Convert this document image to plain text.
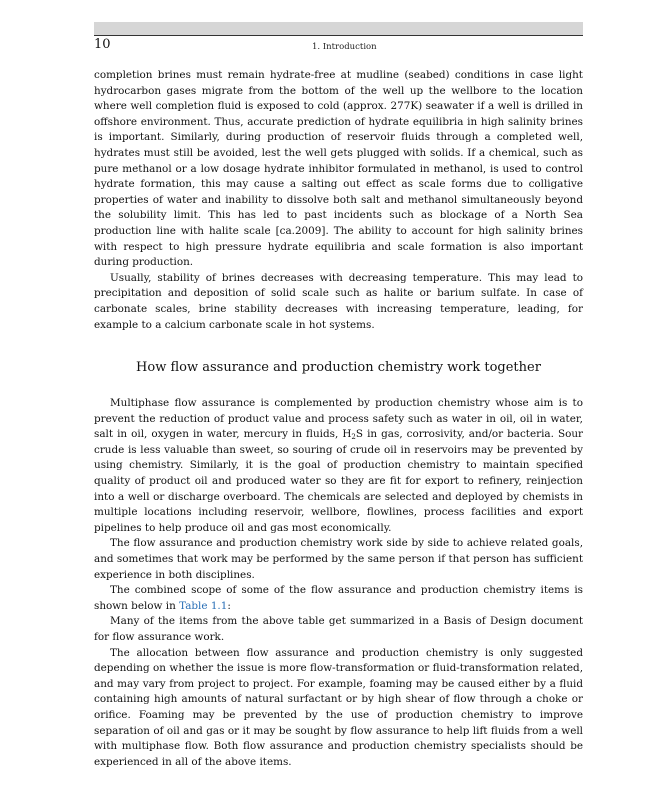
10	1. Introduction

completion brines must remain hydrate-free at mudline (seabed) conditions in case light hydrocarbon gases migrate from the bottom of the well up the wellbore to the location where well completion fluid is exposed to cold (approx. 277K) seawater if a well is drilled in offshore environment. Thus, accurate prediction of hydrate equilibria in high salinity brines is important. Similarly, during production of reservoir fluids through a completed well, hydrates must still be avoided, lest the well gets plugged with solids. If a chemical, such as pure methanol or a low dosage hydrate inhibitor formulated in methanol, is used to control hydrate formation, this may cause a salting out effect as scale forms due to colligative properties of water and inability to dissolve both salt and methanol simultaneously beyond the solubility limit. This has led to past incidents such as blockage of a North Sea production line with halite scale [ca.2009]. The ability to account for high salinity brines with respect to high pressure hydrate equilibria and scale formation is also important during production.

Usually, stability of brines decreases with decreasing temperature. This may lead to precipitation and deposition of solid scale such as halite or barium sulfate. In case of carbonate scales, brine stability decreases with increasing temperature, leading, for example to a calcium carbonate scale in hot systems.

How flow assurance and production chemistry work together

Multiphase flow assurance is complemented by production chemistry whose aim is to prevent the reduction of product value and process safety such as water in oil, oil in water, salt in oil, oxygen in water, mercury in fluids, $H_2S$ in gas, corrosivity, and/or bacteria. Sour crude is less valuable than sweet, so souring of crude oil in reservoirs may be prevented by using chemistry. Similarly, it is the goal of production chemistry to maintain specified quality of product oil and produced water so they are fit for export to refinery, reinjection into a well or discharge overboard. The chemicals are selected and deployed by chemists in multiple locations including reservoir, wellbore, flowlines, process facilities and export pipelines to help produce oil and gas most economically.

The flow assurance and production chemistry work side by side to achieve related goals, and sometimes that work may be performed by the same person if that person has sufficient experience in both disciplines.

The combined scope of some of the flow assurance and production chemistry items is shown below in Table 1.1:

Many of the items from the above table get summarized in a Basis of Design document for flow assurance work.

The allocation between flow assurance and production chemistry is only suggested depending on whether the issue is more flow-transformation or fluid-transformation related, and may vary from project to project. For example, foaming may be caused either by a fluid containing high amounts of natural surfactant or by high shear of flow through a choke or orifice. Foaming may be prevented by the use of production chemistry to improve separation of oil and gas or it may be sought by flow assurance to help lift fluids from a well with multiphase flow. Both flow assurance and production chemistry specialists should be experienced in all of the above items.
